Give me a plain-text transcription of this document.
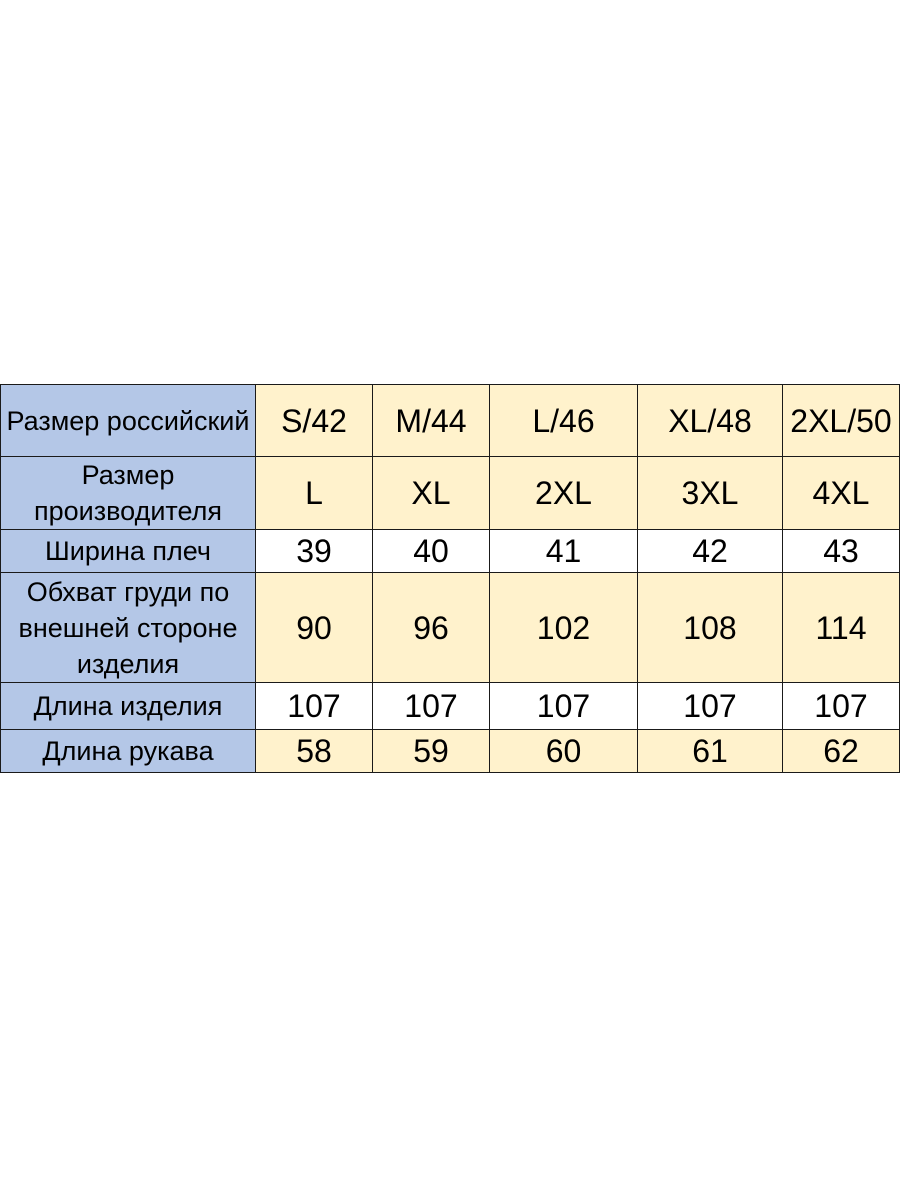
Размер российский	S/42	M/44	L/46	XL/48	2XL/50
Размер производителя	L	XL	2XL	3XL	4XL
Ширина плеч	39	40	41	42	43
Обхват груди по внешней стороне изделия	90	96	102	108	114
Длина изделия	107	107	107	107	107
Длина рукава	58	59	60	61	62
